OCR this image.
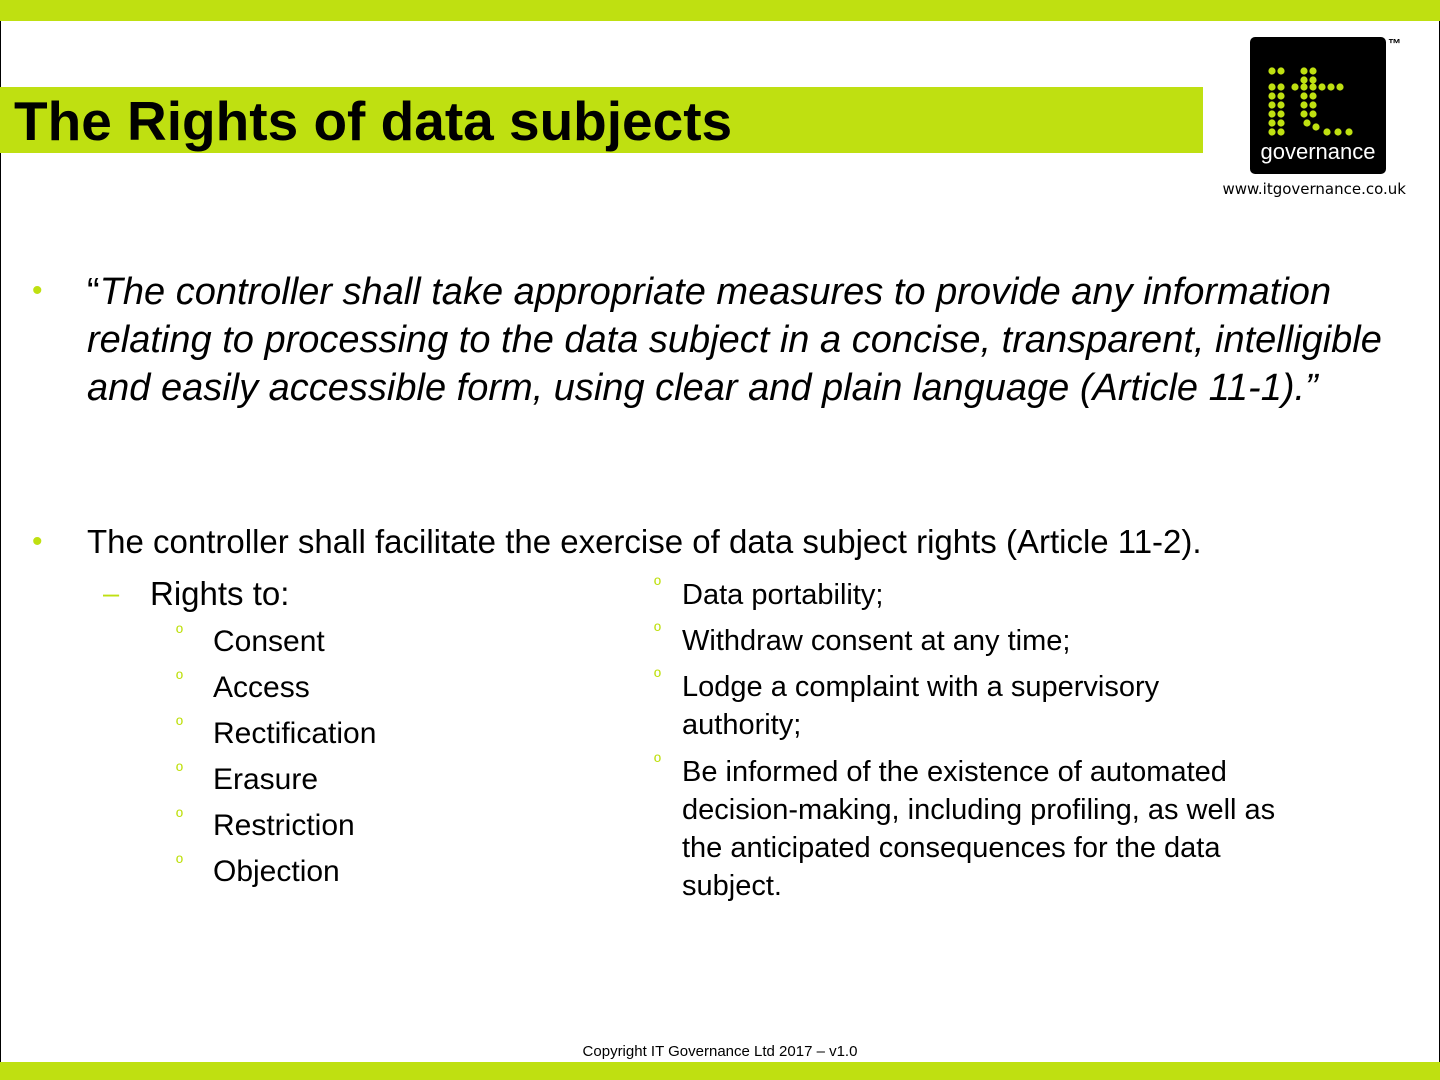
The Rights of data subjects	governance
™
www.itgovernance.co.uk
• “The controller shall take appropriate measures to provide any information relating to processing to the data subject in a concise, transparent, intelligible and easily accessible form, using clear and plain language (Article 11-1).”

• The controller shall facilitate the exercise of data subject rights (Article 11-2).

– Rights to:
º Consent
º Access
º Rectification
º Erasure
º Restriction
º Objection
º Data portability;
º Withdraw consent at any time;
º Lodge a complaint with a supervisory authority;
º Be informed of the existence of automated decision-making, including profiling, as well as the anticipated consequences for the data subject.
Copyright IT Governance Ltd 2017 – v1.0
